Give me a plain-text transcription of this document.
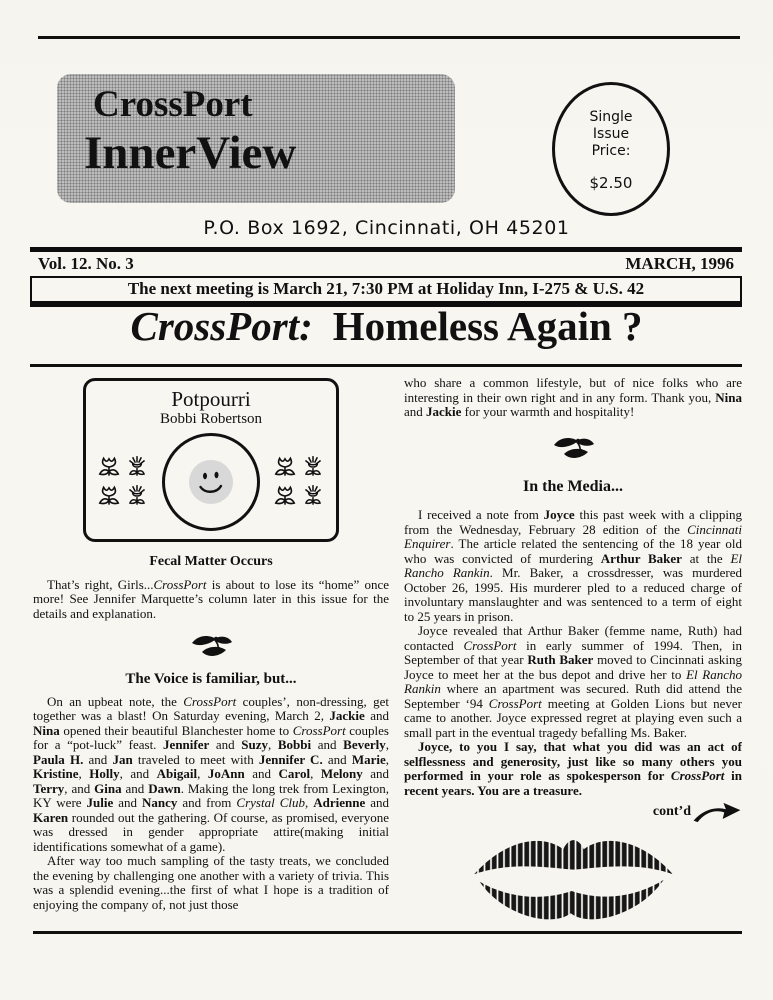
CrossPort
InnerView
Single
Issue
Price:
$2.50
P.O. Box 1692, Cincinnati, OH 45201
Vol. 12. No. 3	MARCH, 1996
The next meeting is March 21, 7:30 PM at Holiday Inn, I-275 & U.S. 42
CrossPort: Homeless Again ?
Potpourri
Bobbi Robertson
Fecal Matter Occurs

That’s right, Girls...CrossPort is about to lose its “home” once more! See Jennifer Marquette’s column later in this issue for the details and explanation.

The Voice is familiar, but...

On an upbeat note, the CrossPort couples’, non-dressing, get together was a blast! On Saturday evening, March 2, Jackie and Nina opened their beautiful Blanchester home to CrossPort couples for a “pot-luck” feast. Jennifer and Suzy, Bobbi and Beverly, Paula H. and Jan traveled to meet with Jennifer C. and Marie, Kristine, Holly, and Abigail, JoAnn and Carol, Melony and Terry, and Gina and Dawn. Making the long trek from Lexington, KY were Julie and Nancy and from Crystal Club, Adrienne and Karen rounded out the gathering. Of course, as promised, everyone was dressed in gender appropriate attire(making initial identifications somewhat of a game).

After way too much sampling of the tasty treats, we concluded the evening by challenging one another with a variety of trivia. This was a splendid evening...the first of what I hope is a tradition of enjoying the company of, not just those

who share a common lifestyle, but of nice folks who are interesting in their own right and in any form. Thank you, Nina and Jackie for your warmth and hospitality!

In the Media...

I received a note from Joyce this past week with a clipping from the Wednesday, February 28 edition of the Cincinnati Enquirer. The article related the sentencing of the 18 year old who was convicted of murdering Arthur Baker at the El Rancho Rankin. Mr. Baker, a crossdresser, was murdered October 26, 1995. His murderer pled to a reduced charge of involuntary manslaughter and was sentenced to a term of eight to 25 years in prison.

Joyce revealed that Arthur Baker (femme name, Ruth) had contacted CrossPort in early summer of 1994. Then, in September of that year Ruth Baker moved to Cincinnati asking Joyce to meet her at the bus depot and drive her to El Rancho Rankin where an apartment was secured. Ruth did attend the September ‘94 CrossPort meeting at Golden Lions but never came to another. Joyce expressed regret at playing even such a small part in the eventual tragedy befalling Ms. Baker.

Joyce, to you I say, that what you did was an act of selflessness and generosity, just like so many others you performed in your role as spokesperson for CrossPort in recent years. You are a treasure.

cont’d
